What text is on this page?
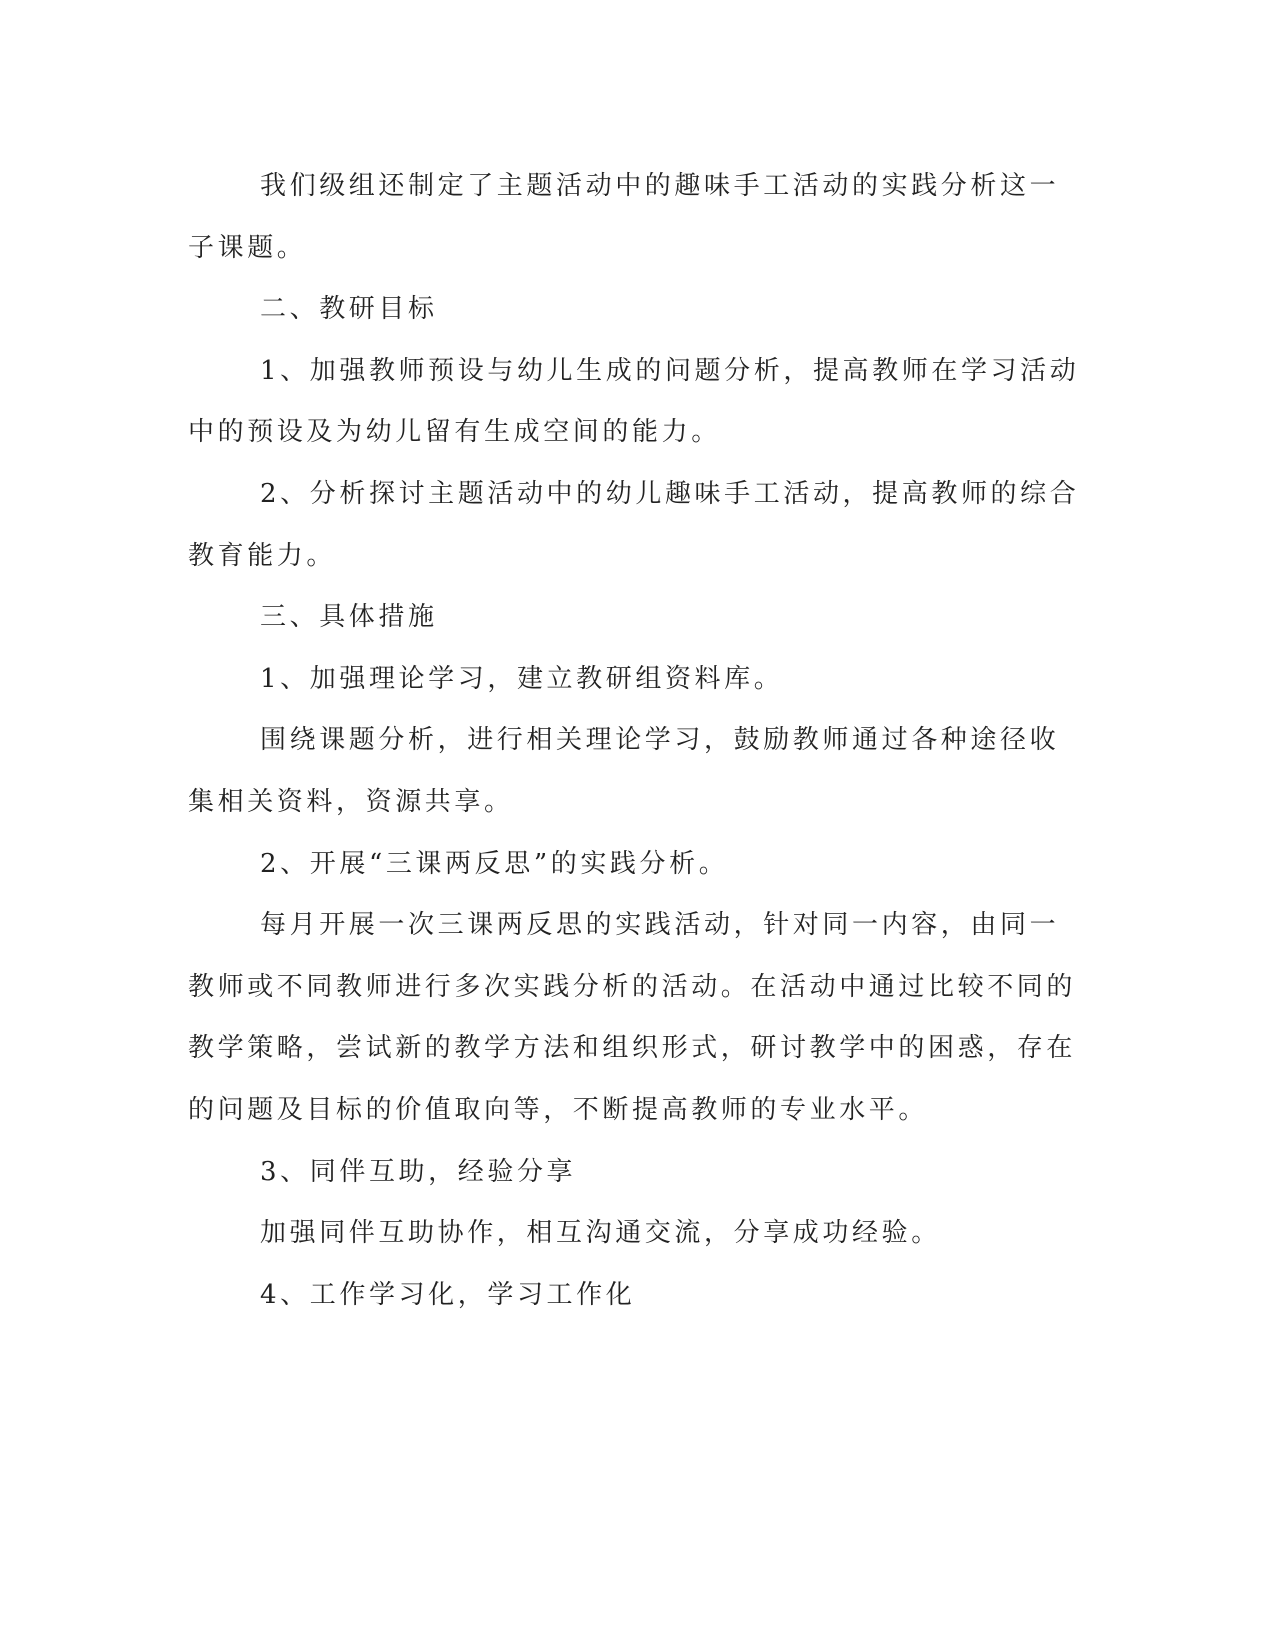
我们级组还制定了主题活动中的趣味手工活动的实践分析这一子课题。

二、教研目标

1、加强教师预设与幼儿生成的问题分析，提高教师在学习活动中的预设及为幼儿留有生成空间的能力。

2、分析探讨主题活动中的幼儿趣味手工活动，提高教师的综合教育能力。

三、具体措施

1、加强理论学习，建立教研组资料库。

围绕课题分析，进行相关理论学习，鼓励教师通过各种途径收集相关资料，资源共享。

2、开展“三课两反思”的实践分析。

每月开展一次三课两反思的实践活动，针对同一内容，由同一教师或不同教师进行多次实践分析的活动。在活动中通过比较不同的教学策略，尝试新的教学方法和组织形式，研讨教学中的困惑，存在的问题及目标的价值取向等，不断提高教师的专业水平。

3、同伴互助，经验分享

加强同伴互助协作，相互沟通交流，分享成功经验。

4、工作学习化，学习工作化
